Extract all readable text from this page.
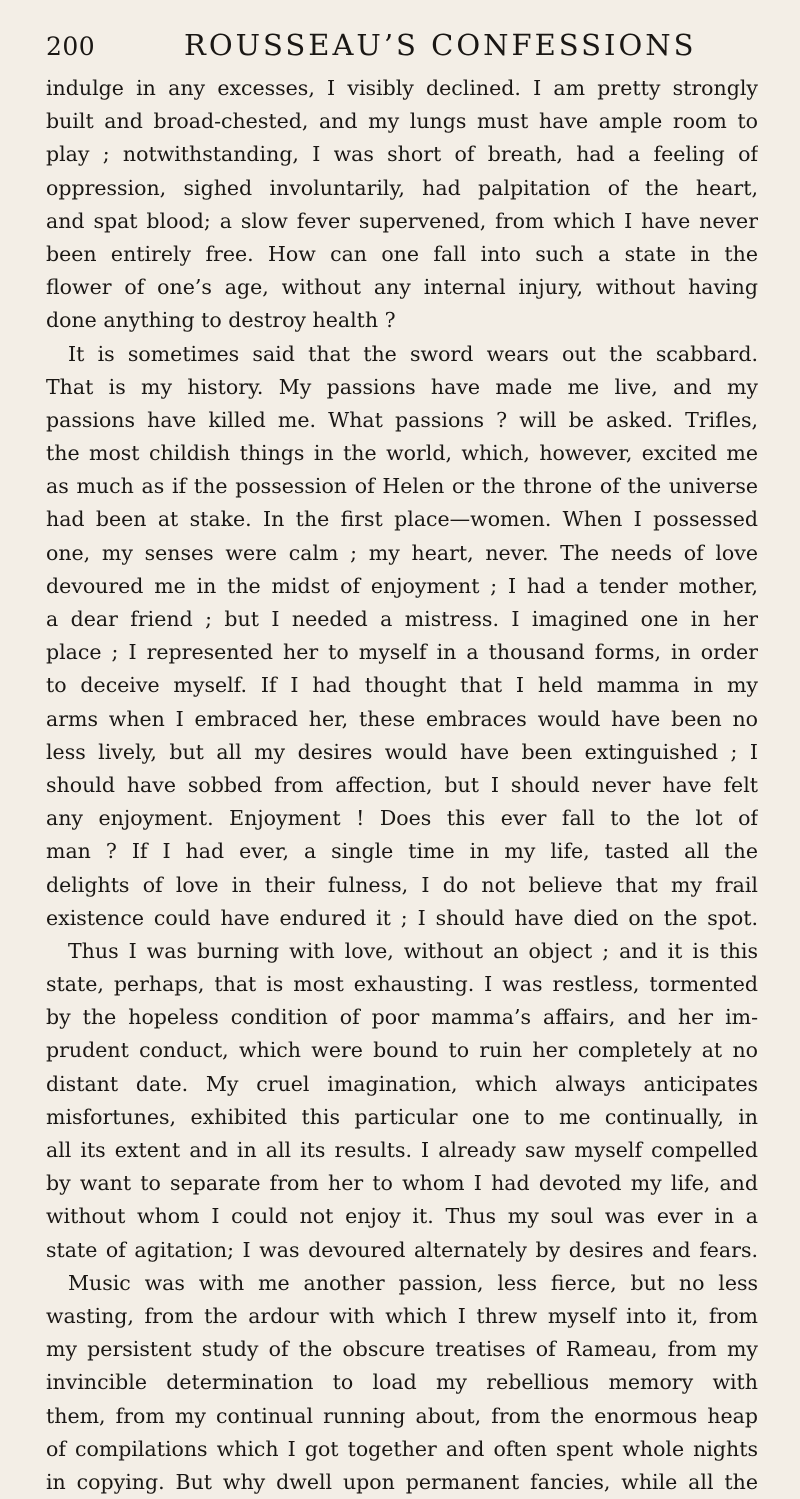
200	ROUSSEAU’S CONFESSIONS
indulge in any excesses, I visibly declined. I am pretty strongly
built and broad-chested, and my lungs must have ample room to
play ; notwithstanding, I was short of breath, had a feeling of
oppression, sighed involuntarily, had palpitation of the heart,
and spat blood; a slow fever supervened, from which I have never
been entirely free. How can one fall into such a state in the
flower of one’s age, without any internal injury, without having
done anything to destroy health ?
It is sometimes said that the sword wears out the scabbard.
That is my history. My passions have made me live, and my
passions have killed me. What passions ? will be asked. Trifles,
the most childish things in the world, which, however, excited me
as much as if the possession of Helen or the throne of the universe
had been at stake. In the first place—women. When I possessed
one, my senses were calm ; my heart, never. The needs of love
devoured me in the midst of enjoyment ; I had a tender mother,
a dear friend ; but I needed a mistress. I imagined one in her
place ; I represented her to myself in a thousand forms, in order
to deceive myself. If I had thought that I held mamma in my
arms when I embraced her, these embraces would have been no
less lively, but all my desires would have been extinguished ; I
should have sobbed from affection, but I should never have felt
any enjoyment. Enjoyment ! Does this ever fall to the lot of
man ? If I had ever, a single time in my life, tasted all the
delights of love in their fulness, I do not believe that my frail
existence could have endured it ; I should have died on the spot.
Thus I was burning with love, without an object ; and it is this
state, perhaps, that is most exhausting. I was restless, tormented
by the hopeless condition of poor mamma’s affairs, and her im-
prudent conduct, which were bound to ruin her completely at no
distant date. My cruel imagination, which always anticipates
misfortunes, exhibited this particular one to me continually, in
all its extent and in all its results. I already saw myself compelled
by want to separate from her to whom I had devoted my life, and
without whom I could not enjoy it. Thus my soul was ever in a
state of agitation; I was devoured alternately by desires and fears.
Music was with me another passion, less fierce, but no less
wasting, from the ardour with which I threw myself into it, from
my persistent study of the obscure treatises of Rameau, from my
invincible determination to load my rebellious memory with
them, from my continual running about, from the enormous heap
of compilations which I got together and often spent whole nights
in copying. But why dwell upon permanent fancies, while all the
